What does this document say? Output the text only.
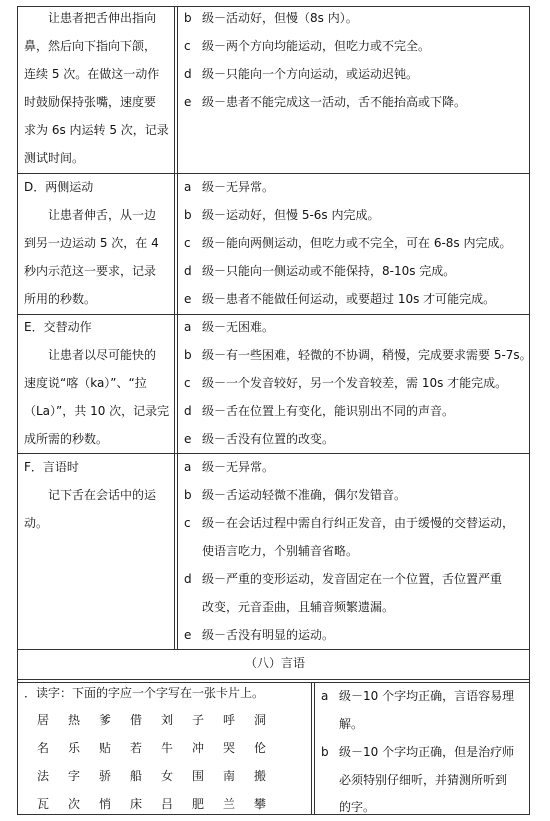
让患者把舌伸出指向
鼻，然后向下指向下颌，
连续 5 次。在做这一动作
时鼓励保持张嘴，速度要
求为 6s 内运转 5 次，记录
测试时间。
b 级－活动好，但慢（8s 内）。
c 级－两个方向均能运动，但吃力或不完全。
d 级－只能向一个方向运动，或运动迟钝。
e 级－患者不能完成这一活动，舌不能抬高或下降。
D．两侧运动
让患者伸舌，从一边
到另一边运动 5 次，在 4
秒内示范这一要求，记录
所用的秒数。
a 级－无异常。
b 级－运动好，但慢 5-6s 内完成。
c 级－能向两侧运动，但吃力或不完全，可在 6-8s 内完成。
d 级－只能向一侧运动或不能保持，8-10s 完成。
e 级－患者不能做任何运动，或要超过 10s 才可能完成。
E．交替动作
让患者以尽可能快的
速度说“喀（ka）”、“拉
（La）”，共 10 次，记录完
成所需的秒数。
a 级－无困难。
b 级－有一些困难，轻微的不协调，稍慢，完成要求需要 5-7s。
c 级－一个发音较好，另一个发音较差，需 10s 才能完成。
d 级－舌在位置上有变化，能识别出不同的声音。
e 级－舌没有位置的改变。
F．言语时
记下舌在会话中的运
动。
a 级－无异常。
b 级－舌运动轻微不准确，偶尔发错音。
c 级－在会话过程中需自行纠正发音，由于缓慢的交替运动，
使语言吃力，个别辅音省略。
d 级－严重的变形运动，发音固定在一个位置，舌位置严重
改变，元音歪曲，且辅音频繁遗漏。
e 级－舌没有明显的运动。
（八）言语
．读字：下面的字应一个字写在一张卡片上。
居 热 爹 借 刘 子 呼 洞
名 乐 贴 若 牛 冲 哭 伦
法 字 骄 船 女 围 南 搬
瓦 次 悄 床 吕 肥 兰 攀
a 级－10 个字均正确，言语容易理
解。
b 级－10 个字均正确，但是治疗师
必须特别仔细听，并猜测所听到
的字。
